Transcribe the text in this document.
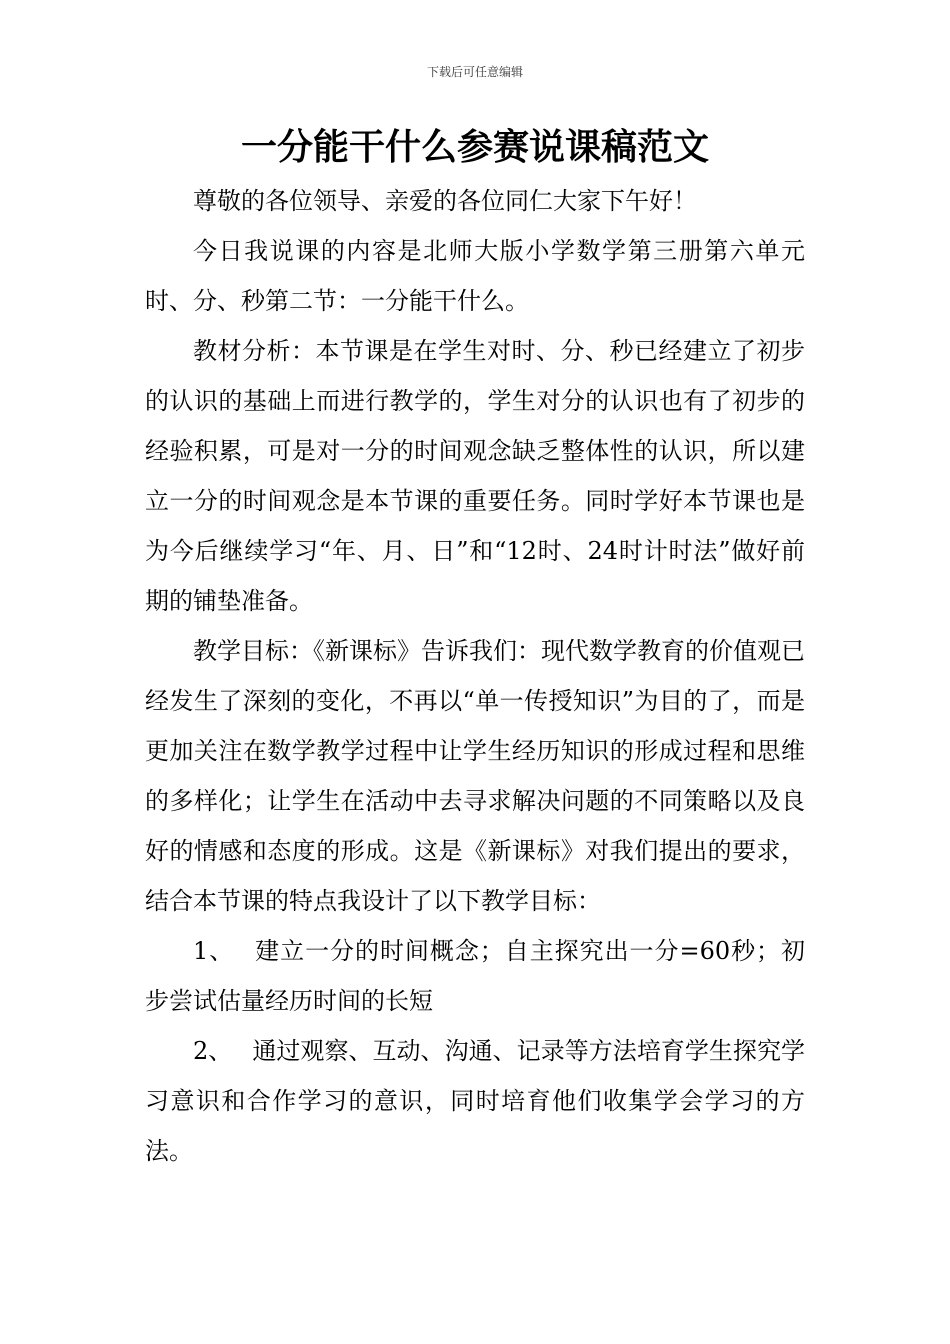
下载后可任意编辑
一分能干什么参赛说课稿范文

尊敬的各位领导、亲爱的各位同仁大家下午好！

今日我说课的内容是北师大版小学数学第三册第六单元时、分、秒第二节：一分能干什么。

教材分析：本节课是在学生对时、分、秒已经建立了初步的认识的基础上而进行教学的，学生对分的认识也有了初步的经验积累，可是对一分的时间观念缺乏整体性的认识，所以建立一分的时间观念是本节课的重要任务。同时学好本节课也是为今后继续学习“年、月、日”和“12时、24时计时法”做好前期的铺垫准备。

教学目标：《新课标》告诉我们：现代数学教育的价值观已经发生了深刻的变化，不再以“单一传授知识”为目的了，而是更加关注在数学教学过程中让学生经历知识的形成过程和思维的多样化；让学生在活动中去寻求解决问题的不同策略以及良好的情感和态度的形成。这是《新课标》对我们提出的要求，结合本节课的特点我设计了以下教学目标：

1、 建立一分的时间概念；自主探究出一分=60秒；初步尝试估量经历时间的长短

2、 通过观察、互动、沟通、记录等方法培育学生探究学习意识和合作学习的意识，同时培育他们收集学会学习的方法。
